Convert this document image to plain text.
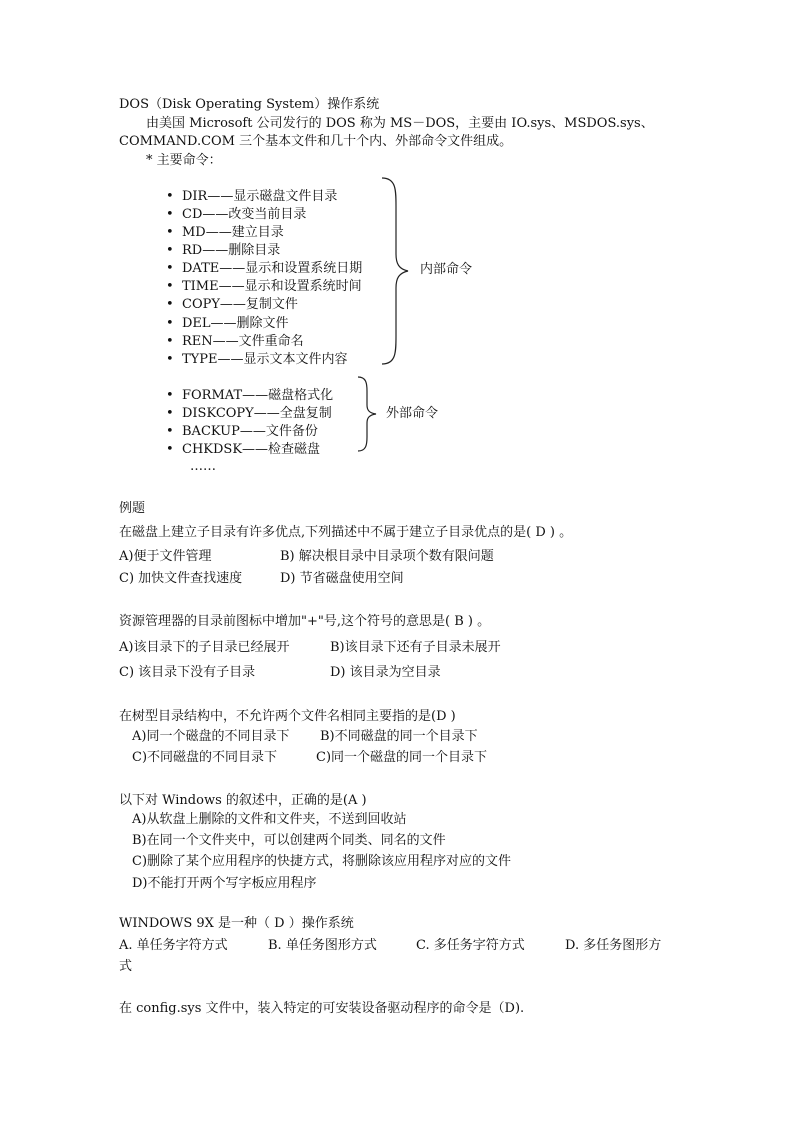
DOS（Disk Operating System）操作系统
由美国 Microsoft 公司发行的 DOS 称为 MS－DOS，主要由 IO.sys、MSDOS.sys、
COMMAND.COM 三个基本文件和几十个内、外部命令文件组成。
* 主要命令：
• DIR——显示磁盘文件目录
• CD——改变当前目录
• MD——建立目录
• RD——删除目录
• DATE——显示和设置系统日期
• TIME——显示和设置系统时间
• COPY——复制文件
• DEL——删除文件
• REN——文件重命名
• TYPE——显示文本文件内容
内部命令
• FORMAT——磁盘格式化
• DISKCOPY——全盘复制
• BACKUP——文件备份
• CHKDSK——检查磁盘
……
外部命令
例题
在磁盘上建立子目录有许多优点,下列描述中不属于建立子目录优点的是( D ) 。
A)便于文件管理	B) 解决根目录中目录项个数有限问题
C) 加快文件查找速度	D) 节省磁盘使用空间
资源管理器的目录前图标中增加"+"号,这个符号的意思是( B ) 。
A)该目录下的子目录已经展开	B)该目录下还有子目录未展开
C) 该目录下没有子目录	D) 该目录为空目录
在树型目录结构中，不允许两个文件名相同主要指的是(D )
A)同一个磁盘的不同目录下 B)不同磁盘的同一个目录下
C)不同磁盘的不同目录下	C)同一个磁盘的同一个目录下
以下对 Windows 的叙述中，正确的是(A )
A)从软盘上删除的文件和文件夹，不送到回收站
B)在同一个文件夹中，可以创建两个同类、同名的文件
C)删除了某个应用程序的快捷方式，将删除该应用程序对应的文件
D)不能打开两个写字板应用程序
WINDOWS 9X 是一种（ D ）操作系统
A. 单任务字符方式	B. 单任务图形方式	C. 多任务字符方式	D. 多任务图形方
式
在 config.sys 文件中，装入特定的可安装设备驱动程序的命令是（D).
